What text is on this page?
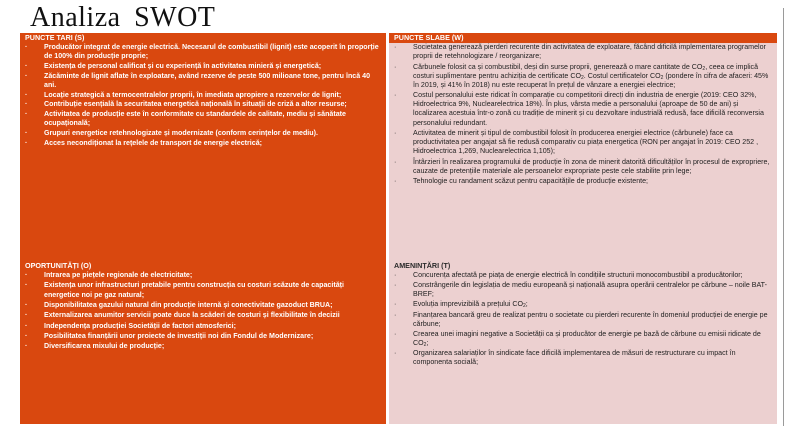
Analiza SWOT
PUNCTE TARI (S)
· Producător integrat de energie electrică. Necesarul de combustibil (lignit) este acoperit în proporție de 100% din producție proprie;
· Existența de personal calificat și cu experiență în activitatea minieră și energetică;
· Zăcăminte de lignit aflate în exploatare, având rezerve de peste 500 milioane tone, pentru încă 40 ani.
· Locație strategică a termocentralelor proprii, în imediata apropiere a rezervelor de lignit;
· Contribuție esențială la securitatea energetică națională în situații de criză a altor resurse;
· Activitatea de producție este în conformitate cu standardele de calitate, mediu și sănătate ocupațională;
· Grupuri energetice retehnologizate și modernizate (conform cerințelor de mediu).
· Acces necondiționat la rețelele de transport de energie electrică;
PUNCTE SLABE (W)
· Societatea generează pierderi recurente din activitatea de exploatare, făcând dificilă implementarea programelor proprii de retehnologizare / reorganizare;
· Cărbunele folosit ca și combustibil, deși din surse proprii, generează o mare cantitate de $CO_2$, ceea ce implică costuri suplimentare pentru achiziția de certificate $CO_2$. Costul certificatelor $CO_2$ (pondere în cifra de afaceri: 45% în 2019, și 41% în 2018) nu este recuperat în prețul de vânzare a energiei electrice;
· Costul personalului este ridicat în comparație cu competitorii direcți din industria de energie (2019: CEO 32%, Hidroelectrica 9%, Nuclearelectrica 18%). În plus, vârsta medie a personalului (aproape de 50 de ani) și localizarea acestuia într-o zonă cu tradiție de minerit și cu dezvoltare industrială redusă, face dificilă reconversia personalului redundant.
· Activitatea de minerit și tipul de combustibil folosit în producerea energiei electrice (cărbunele) face ca productivitatea per angajat să fie redusă comparativ cu piața energetica (RON per angajat în 2019: CEO 252 , Hidroelectrica 1,269, Nuclearelectrica 1,105);
· Întârzieri în realizarea programului de producție în zona de minerit datorită dificultăților în procesul de expropriere, cauzate de pretențiile materiale ale persoanelor expropriate peste cele stabilite prin lege;
· Tehnologie cu randament scăzut pentru capacitățile de producție existente;
OPORTUNITĂȚI (O)
· Intrarea pe piețele regionale de electricitate;
· Existența unor infrastructuri pretabile pentru construcția cu costuri scăzute de capacități energetice noi pe gaz natural;
· Disponibilitatea gazului natural din producție internă și conectivitate gazoduct BRUA;
· Externalizarea anumitor servicii poate duce la scăderi de costuri și flexibilitate în decizii
· Independența producției Societății de factori atmosferici;
· Posibilitatea finanțării unor proiecte de investiții noi din Fondul de Modernizare;
· Diversificarea mixului de producție;
AMENINȚĂRI (T)
· Concurența afectată pe piața de energie electrică în condițiile structurii monocombustibil a producătorilor;
· Constrângerile din legislația de mediu europeană și națională asupra operării centralelor pe cărbune – noile BAT-BREF;
· Evoluția imprevizibilă a prețului $CO_2$;
· Finanțarea bancară greu de realizat pentru o societate cu pierderi recurente în domeniul producției de energie pe cărbune;
· Crearea unei imagini negative a Societății ca și producător de energie pe bază de cărbune cu emisii ridicate de $CO_2$;
· Organizarea salariaților în sindicate face dificilă implementarea de măsuri de restructurare cu impact în componenta socială;
